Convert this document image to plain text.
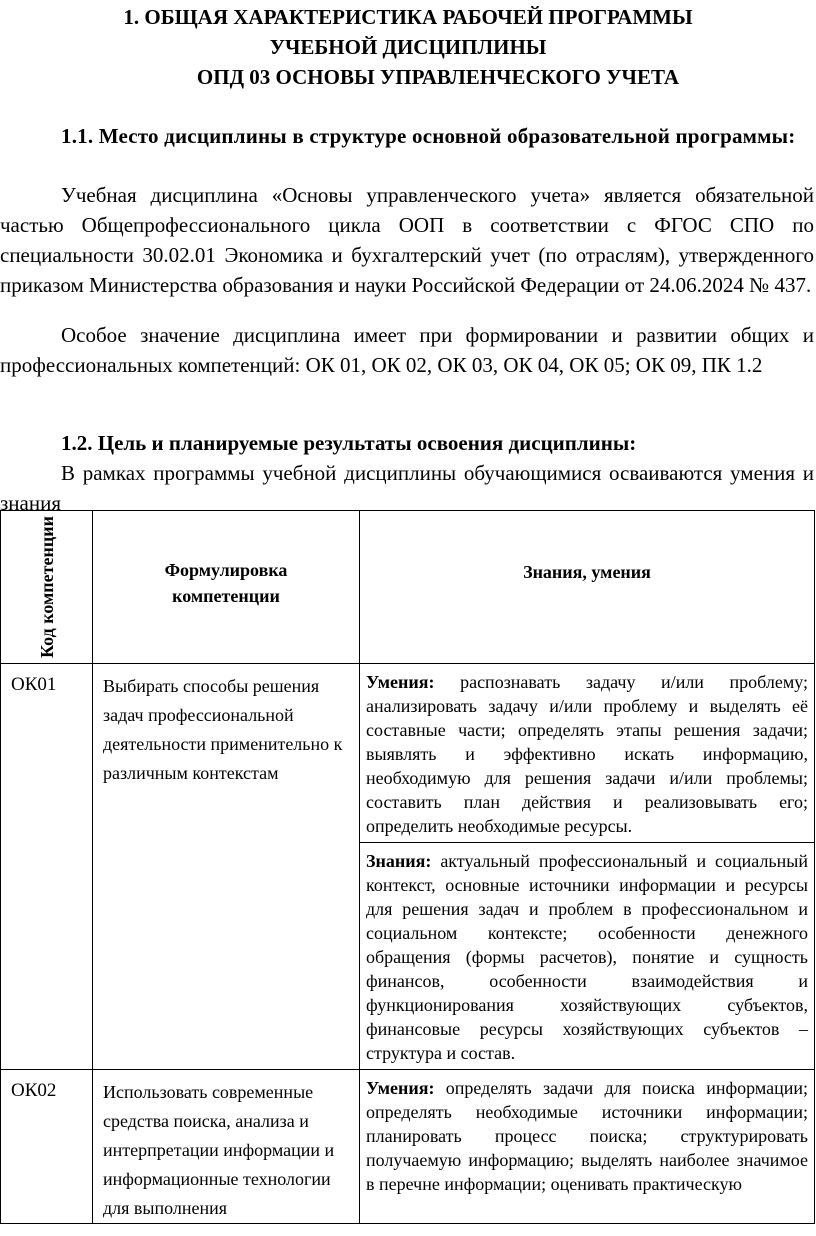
1. ОБЩАЯ ХАРАКТЕРИСТИКА РАБОЧЕЙ ПРОГРАММЫ
УЧЕБНОЙ ДИСЦИПЛИНЫ
ОПД 03 ОСНОВЫ УПРАВЛЕНЧЕСКОГО УЧЕТА

1.1. Место дисциплины в структуре основной образовательной программы:

Учебная дисциплина «Основы управленческого учета» является обязательной частью Общепрофессионального цикла ООП в соответствии с ФГОС СПО по специальности 30.02.01 Экономика и бухгалтерский учет (по отраслям), утвержденного приказом Министерства образования и науки Российской Федерации от 24.06.2024 № 437.

Особое значение дисциплина имеет при формировании и развитии общих и профессиональных компетенций: ОК 01, ОК 02, ОК 03, ОК 04, ОК 05; ОК 09, ПК 1.2

1.2. Цель и планируемые результаты освоения дисциплины:

В рамках программы учебной дисциплины обучающимися осваиваются умения и знания

Код компетенции	Формулировка компетенции	Знания, умения
ОК01	Выбирать способы решения задач профессиональной деятельности применительно к различным контекстам	Умения: распознавать задачу и/или проблему; анализировать задачу и/или проблему и выделять её составные части; определять этапы решения задачи; выявлять и эффективно искать информацию, необходимую для решения задачи и/или проблемы; составить план действия и реализовывать его; определить необходимые ресурсы.
		Знания: актуальный профессиональный и социальный контекст, основные источники информации и ресурсы для решения задач и проблем в профессиональном и социальном контексте; особенности денежного обращения (формы расчетов), понятие и сущность финансов, особенности взаимодействия и функционирования хозяйствующих субъектов, финансовые ресурсы хозяйствующих субъектов – структура и состав.
ОК02	Использовать современные средства поиска, анализа и интерпретации информации и информационные технологии для выполнения	Умения: определять задачи для поиска информации; определять необходимые источники информации; планировать процесс поиска; структурировать получаемую информацию; выделять наиболее значимое в перечне информации; оценивать практическую
